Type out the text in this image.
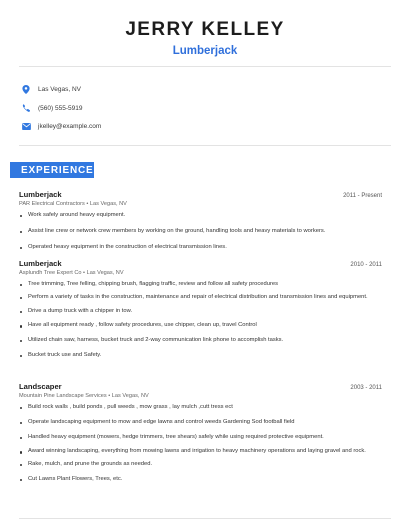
JERRY KELLEY
Lumberjack
Las Vegas, NV
(560) 555-5919
jkelley@example.com
EXPERIENCE
Lumberjack	2011 - Present
PAR Electrical Contractors • Las Vegas, NV
Work safely around heavy equipment.
Assist line crew or network crew members by working on the ground, handling tools and heavy materials to workers.
Operated heavy equipment in the construction of electrical transmission lines.
Lumberjack	2010 - 2011
Asplundh Tree Expert Co • Las Vegas, NV
Tree trimming, Tree felling, chipping brush, flagging traffic, review and follow all safety procedures
Perform a variety of tasks in the construction, maintenance and repair of electrical distribution and transmission lines and equipment.
Drive a dump truck with a chipper in tow.
Have all equipment ready , follow safety procedures, use chipper, clean up, travel Control
Utilized chain saw, harness, bucket truck and 2-way communication link phone to accomplish tasks.
Bucket truck use and Safety.
Landscaper	2003 - 2011
Mountain Pine Landscape Services • Las Vegas, NV
Build rock walls , build ponds , pull weeds , mow grass , lay mulch ,cutt tress ect
Operate landscaping equipment to mow and edge lawns and control weeds Gardening Sod football field
Handled heavy equipment (mowers, hedge trimmers, tree shears) safely while using required protective equipment.
Award winning landscaping, everything from mowing lawns and irrigation to heavy machinery operations and laying gravel and rock.
Rake, mulch, and prune the grounds as needed.
Cut Lawns Plant Flowers, Trees, etc.
